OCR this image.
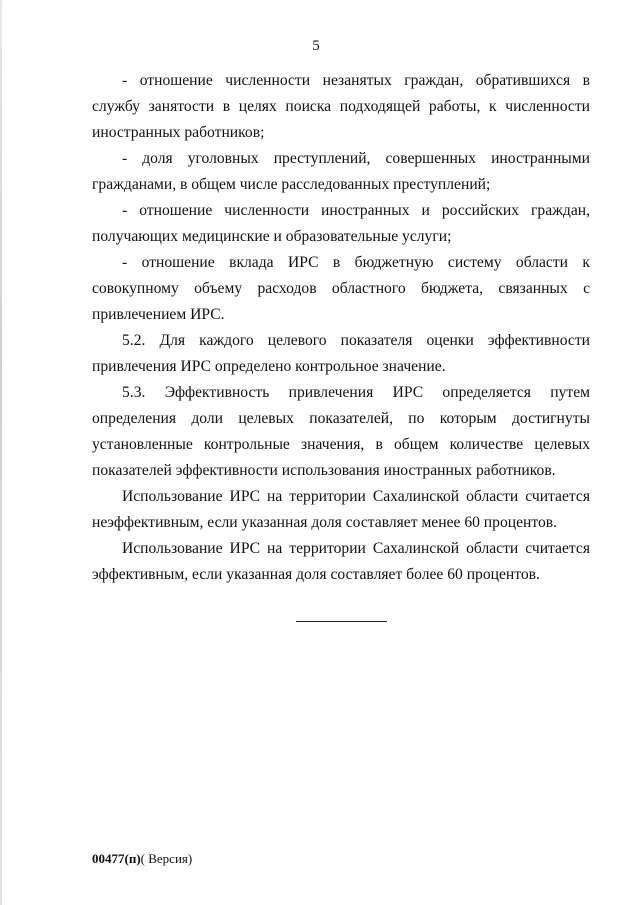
5

- отношение численности незанятых граждан, обратившихся в службу занятости в целях поиска подходящей работы, к численности иностранных работников;

- доля уголовных преступлений, совершенных иностранными гражданами, в общем числе расследованных преступлений;

- отношение численности иностранных и российских граждан, получающих медицинские и образовательные услуги;

- отношение вклада ИРС в бюджетную систему области к совокупному объему расходов областного бюджета, связанных с привлечением ИРС.

5.2. Для каждого целевого показателя оценки эффективности привлечения ИРС определено контрольное значение.

5.3. Эффективность привлечения ИРС определяется путем определения доли целевых показателей, по которым достигнуты установленные контрольные значения, в общем количестве целевых показателей эффективности использования иностранных работников.

Использование ИРС на территории Сахалинской области считается неэффективным, если указанная доля составляет менее 60 процентов.

Использование ИРС на территории Сахалинской области считается эффективным, если указанная доля составляет более 60 процентов.

00477(п)( Версия)
